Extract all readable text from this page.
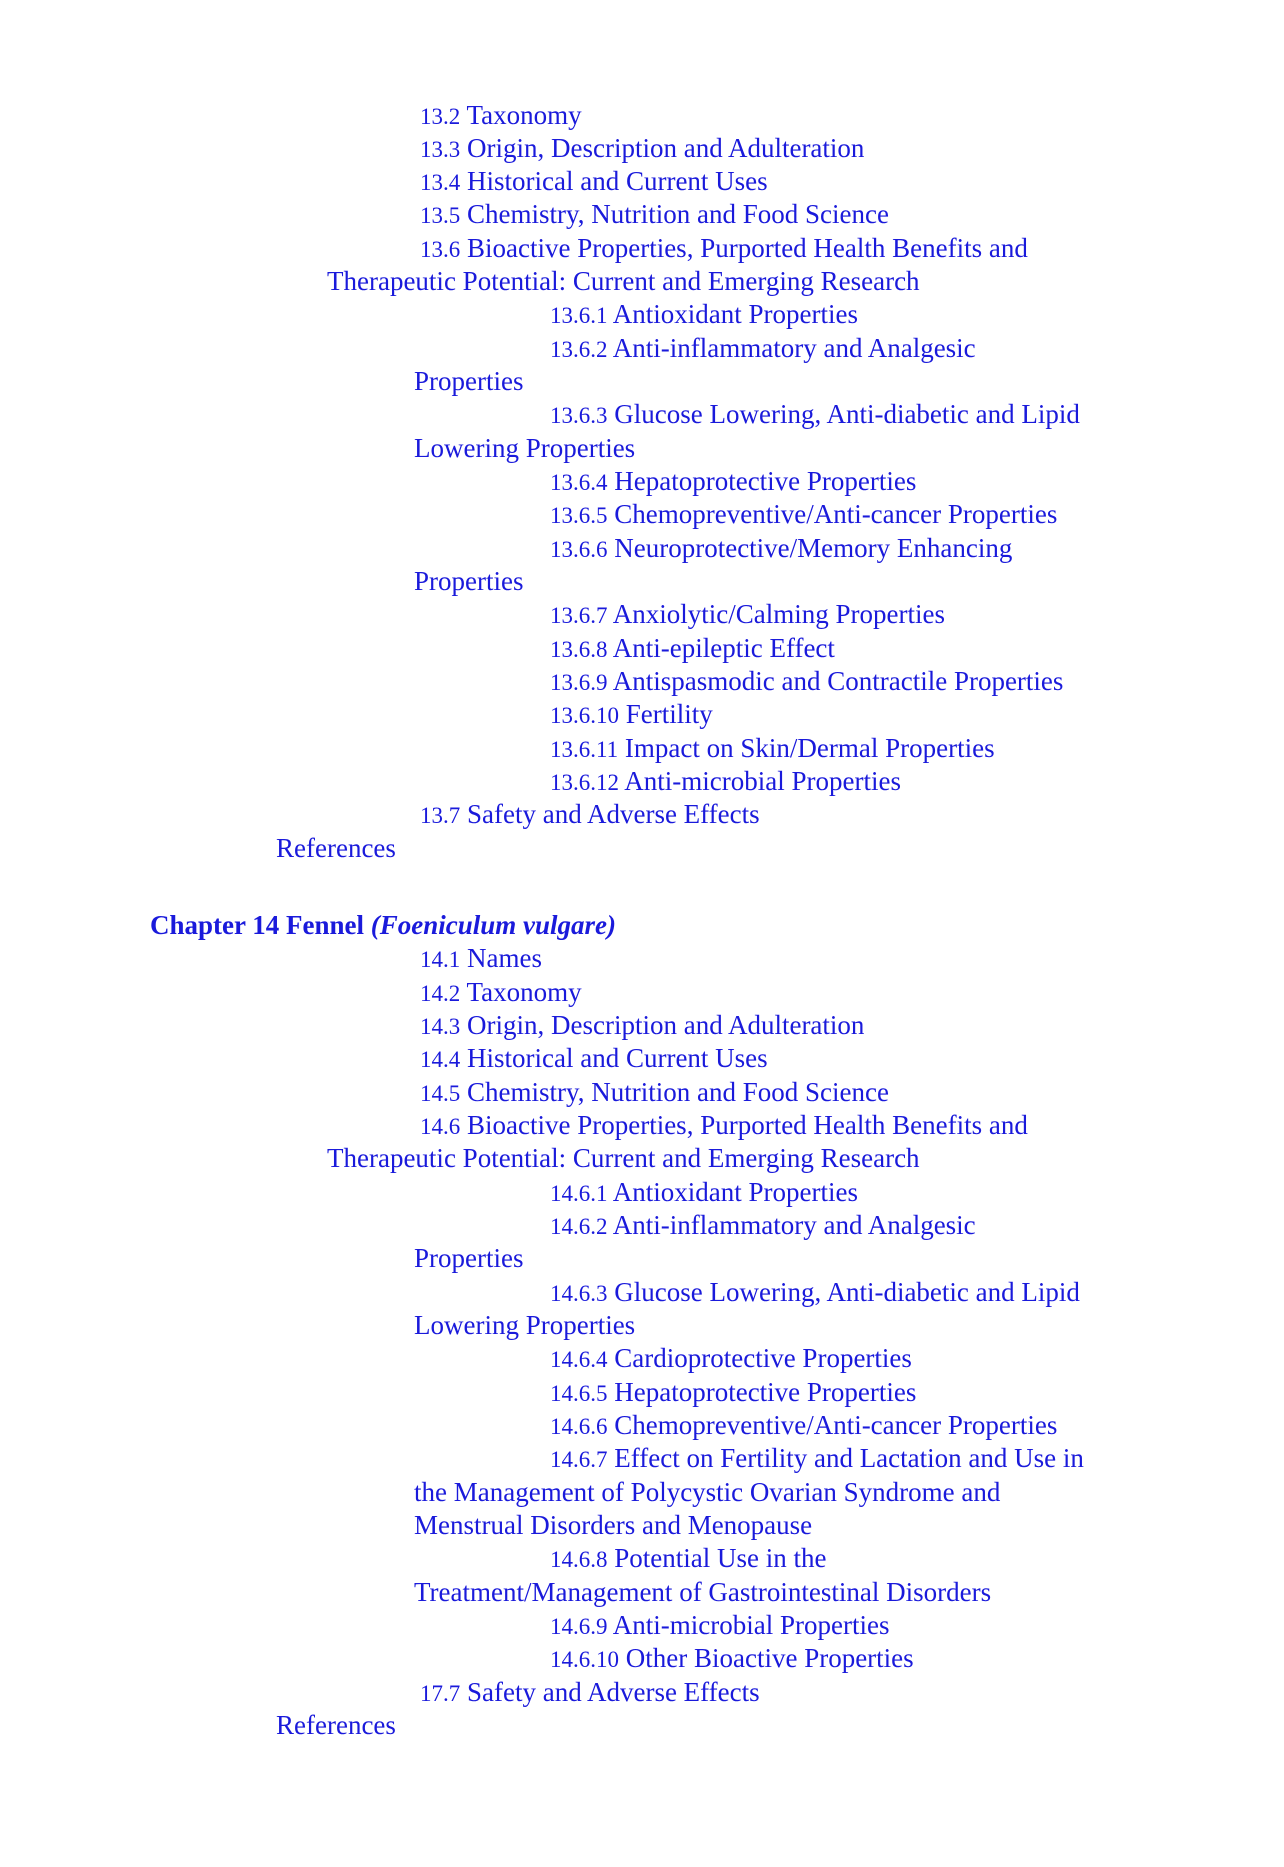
13.2 Taxonomy
13.3 Origin, Description and Adulteration
13.4 Historical and Current Uses
13.5 Chemistry, Nutrition and Food Science
13.6 Bioactive Properties, Purported Health Benefits and
Therapeutic Potential: Current and Emerging Research
13.6.1 Antioxidant Properties
13.6.2 Anti-inflammatory and Analgesic
Properties
13.6.3 Glucose Lowering, Anti-diabetic and Lipid
Lowering Properties
13.6.4 Hepatoprotective Properties
13.6.5 Chemopreventive/Anti-cancer Properties
13.6.6 Neuroprotective/Memory Enhancing
Properties
13.6.7 Anxiolytic/Calming Properties
13.6.8 Anti-epileptic Effect
13.6.9 Antispasmodic and Contractile Properties
13.6.10 Fertility
13.6.11 Impact on Skin/Dermal Properties
13.6.12 Anti-microbial Properties
13.7 Safety and Adverse Effects
References
Chapter 14 Fennel (Foeniculum vulgare)
14.1 Names
14.2 Taxonomy
14.3 Origin, Description and Adulteration
14.4 Historical and Current Uses
14.5 Chemistry, Nutrition and Food Science
14.6 Bioactive Properties, Purported Health Benefits and
Therapeutic Potential: Current and Emerging Research
14.6.1 Antioxidant Properties
14.6.2 Anti-inflammatory and Analgesic
Properties
14.6.3 Glucose Lowering, Anti-diabetic and Lipid
Lowering Properties
14.6.4 Cardioprotective Properties
14.6.5 Hepatoprotective Properties
14.6.6 Chemopreventive/Anti-cancer Properties
14.6.7 Effect on Fertility and Lactation and Use in
the Management of Polycystic Ovarian Syndrome and
Menstrual Disorders and Menopause
14.6.8 Potential Use in the
Treatment/Management of Gastrointestinal Disorders
14.6.9 Anti-microbial Properties
14.6.10 Other Bioactive Properties
17.7 Safety and Adverse Effects
References
